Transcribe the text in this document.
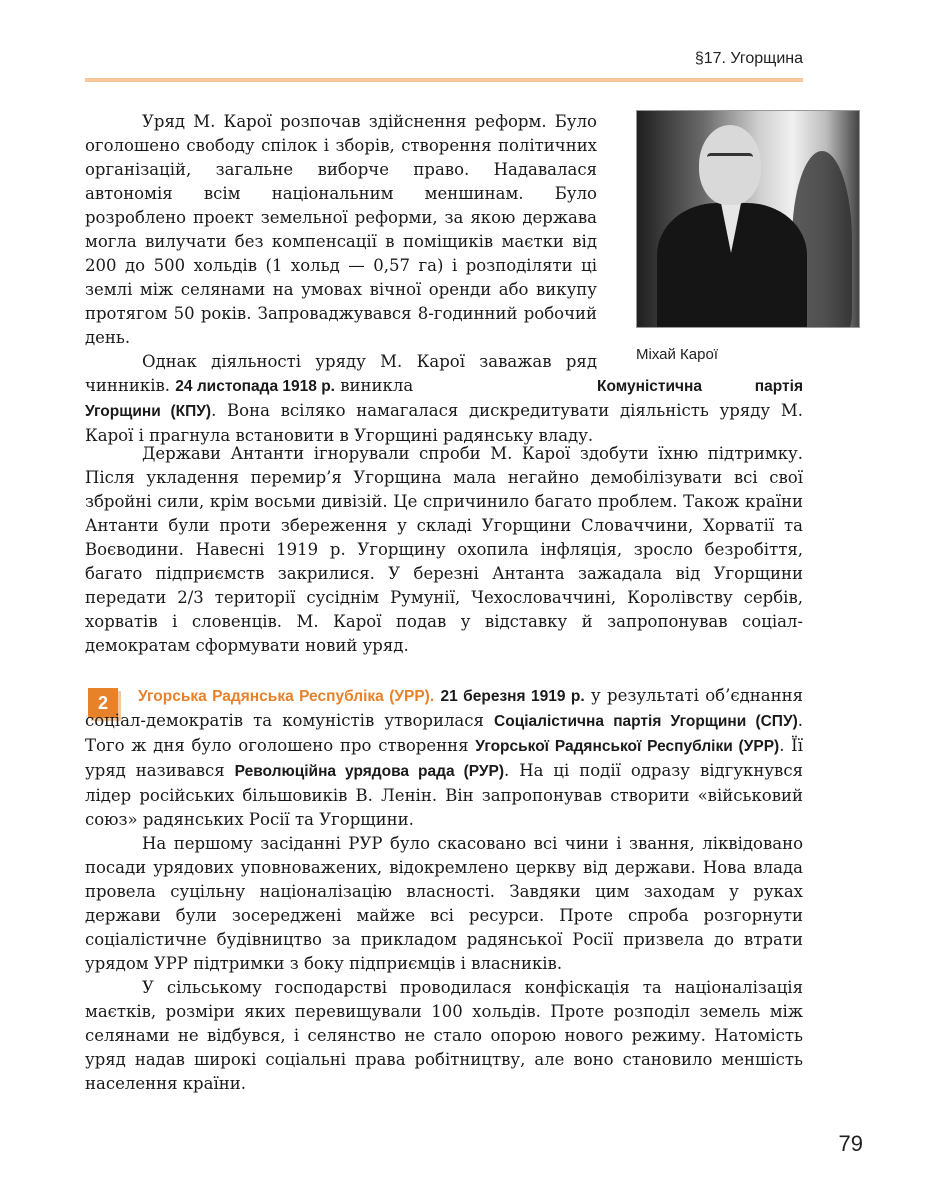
§17. Угорщина
Міхай Карої

Уряд М. Карої розпочав здійснення реформ. Було оголошено свободу спілок і зборів, створення політичних організацій, загальне виборче право. Надавалася автономія всім національним меншинам. Було розроблено проект земельної реформи, за якою держава могла вилучати без компенсації в поміщиків маєтки від 200 до 500 хольдів (1 хольд — 0,57 га) і розподіляти ці землі між селянами на умовах вічної оренди або викупу протягом 50 років. Запроваджувався 8-годинний робочий день.

Однак діяльності уряду М. Карої заважав ряд чинників. 24 листопада 1918 р. виникла	Комуністична партія Угорщини (КПУ). Вона всіляко намагалася дискредитувати діяльність уряду М. Карої і прагнула встановити в Угорщині радянську владу.

Держави Антанти ігнорували спроби М. Карої здобути їхню підтримку. Після укладення перемир’я Угорщина мала негайно демобілізувати всі свої збройні сили, крім восьми дивізій. Це спричинило багато проблем. Також країни Антанти були проти збереження у складі Угорщини Словаччини, Хорватії та Воєводини. Навесні 1919 р. Угорщину охопила інфляція, зросло безробіття, багато підприємств закрилися. У березні Антанта зажадала від Угорщини передати 2/3 території сусіднім Румунії, Чехословаччині, Королівству сербів, хорватів і словенців. М. Карої подав у відставку й запропонував соціал-демократам сформувати новий уряд.

2	Угорська Радянська Республіка (УРР). 21 березня 1919 р. у результаті об’єднання соціал-демократів та комуністів утворилася Соціалістична партія Угорщини (СПУ). Того ж дня було оголошено про створення Угорської Радянської Республіки (УРР). Її уряд називався Революційна урядова рада (РУР). На ці події одразу відгукнувся лідер російських більшовиків В. Ленін. Він запропонував створити «військовий союз» радянських Росії та Угорщини.

На першому засіданні РУР було скасовано всі чини і звання, ліквідовано посади урядових уповноважених, відокремлено церкву від держави. Нова влада провела суцільну націоналізацію власності. Завдяки цим заходам у руках держави були зосереджені майже всі ресурси. Проте спроба розгорнути соціалістичне будівництво за прикладом радянської Росії призвела до втрати урядом УРР підтримки з боку підприємців і власників.

У сільському господарстві проводилася конфіскація та націоналізація маєтків, розміри яких перевищували 100 хольдів. Проте розподіл земель між селянами не відбувся, і селянство не стало опорою нового режиму. Натомість уряд надав широкі соціальні права робітництву, але воно становило меншість населення країни.

79
